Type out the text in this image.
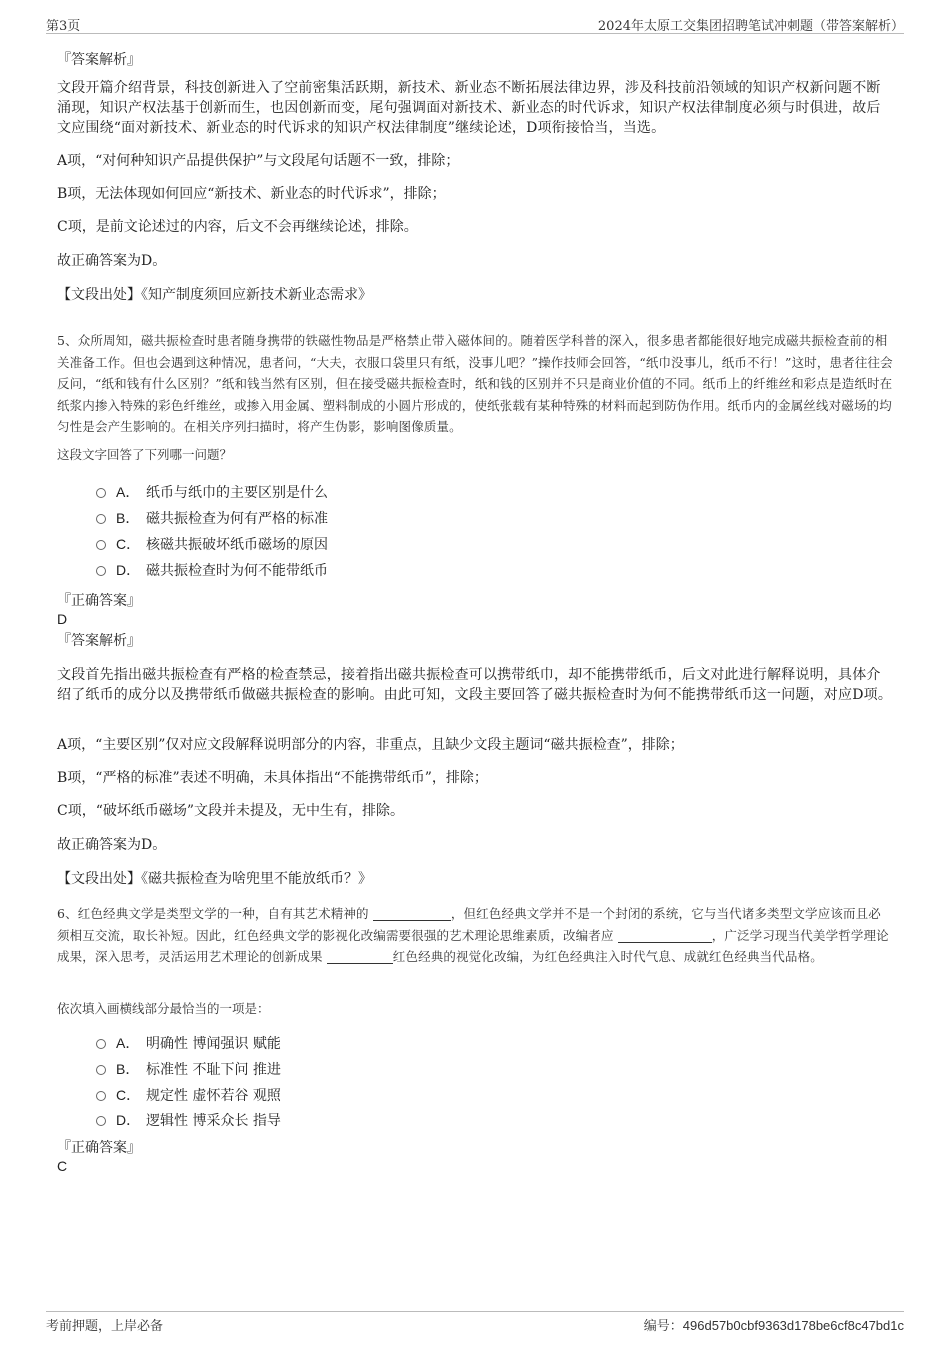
第3页	2024年太原工交集团招聘笔试冲刺题（带答案解析）
『答案解析』
文段开篇介绍背景，科技创新进入了空前密集活跃期，新技术、新业态不断拓展法律边界，涉及科技前沿领域的知识产权新问题不断涌现，知识产权法基于创新而生，也因创新而变，尾句强调面对新技术、新业态的时代诉求，知识产权法律制度必须与时俱进，故后文应围绕“面对新技术、新业态的时代诉求的知识产权法律制度”继续论述，D项衔接恰当，当选。
A项，“对何种知识产品提供保护”与文段尾句话题不一致，排除；
B项，无法体现如何回应“新技术、新业态的时代诉求”，排除；
C项，是前文论述过的内容，后文不会再继续论述，排除。
故正确答案为D。
【文段出处】《知产制度须回应新技术新业态需求》
5、众所周知，磁共振检查时患者随身携带的铁磁性物品是严格禁止带入磁体间的。随着医学科普的深入，很多患者都能很好地完成磁共振检查前的相关准备工作。但也会遇到这种情况，患者问，“大夫，衣服口袋里只有纸，没事儿吧？”操作技师会回答，“纸巾没事儿，纸币不行！”这时，患者往往会反问，“纸和钱有什么区别？”纸和钱当然有区别，但在接受磁共振检查时，纸和钱的区别并不只是商业价值的不同。纸币上的纤维丝和彩点是造纸时在纸浆内掺入特殊的彩色纤维丝，或掺入用金属、塑料制成的小圆片形成的，使纸张载有某种特殊的材料而起到防伪作用。纸币内的金属丝线对磁场的均匀性是会产生影响的。在相关序列扫描时，将产生伪影，影响图像质量。
这段文字回答了下列哪一问题？
A． 纸币与纸巾的主要区别是什么
B． 磁共振检查为何有严格的标准
C． 核磁共振破坏纸币磁场的原因
D． 磁共振检查时为何不能带纸币
『正确答案』
D
『答案解析』
文段首先指出磁共振检查有严格的检查禁忌，接着指出磁共振检查可以携带纸巾，却不能携带纸币，后文对此进行解释说明，具体介绍了纸币的成分以及携带纸币做磁共振检查的影响。由此可知，文段主要回答了磁共振检查时为何不能携带纸币这一问题，对应D项。
A项，“主要区别”仅对应文段解释说明部分的内容，非重点，且缺少文段主题词“磁共振检查”，排除；
B项，“严格的标准”表述不明确，未具体指出“不能携带纸币”，排除；
C项，“破坏纸币磁场”文段并未提及，无中生有，排除。
故正确答案为D。
【文段出处】《磁共振检查为啥兜里不能放纸币？》
6、红色经典文学是类型文学的一种，自有其艺术精神的	，但红色经典文学并不是一个封闭的系统，它与当代诸多类型文学应该而且必须相互交流，取长补短。因此，红色经典文学的影视化改编需要很强的艺术理论思维素质，改编者应	，广泛学习现当代美学哲学理论成果，深入思考，灵活运用艺术理论的创新成果	红色经典的视觉化改编，为红色经典注入时代气息、成就红色经典当代品格。
依次填入画横线部分最恰当的一项是：
A． 明确性 博闻强识 赋能
B． 标准性 不耻下问 推进
C． 规定性 虚怀若谷 观照
D． 逻辑性 博采众长 指导
『正确答案』
C
考前押题，上岸必备	编号：496d57b0cbf9363d178be6cf8c47bd1c
